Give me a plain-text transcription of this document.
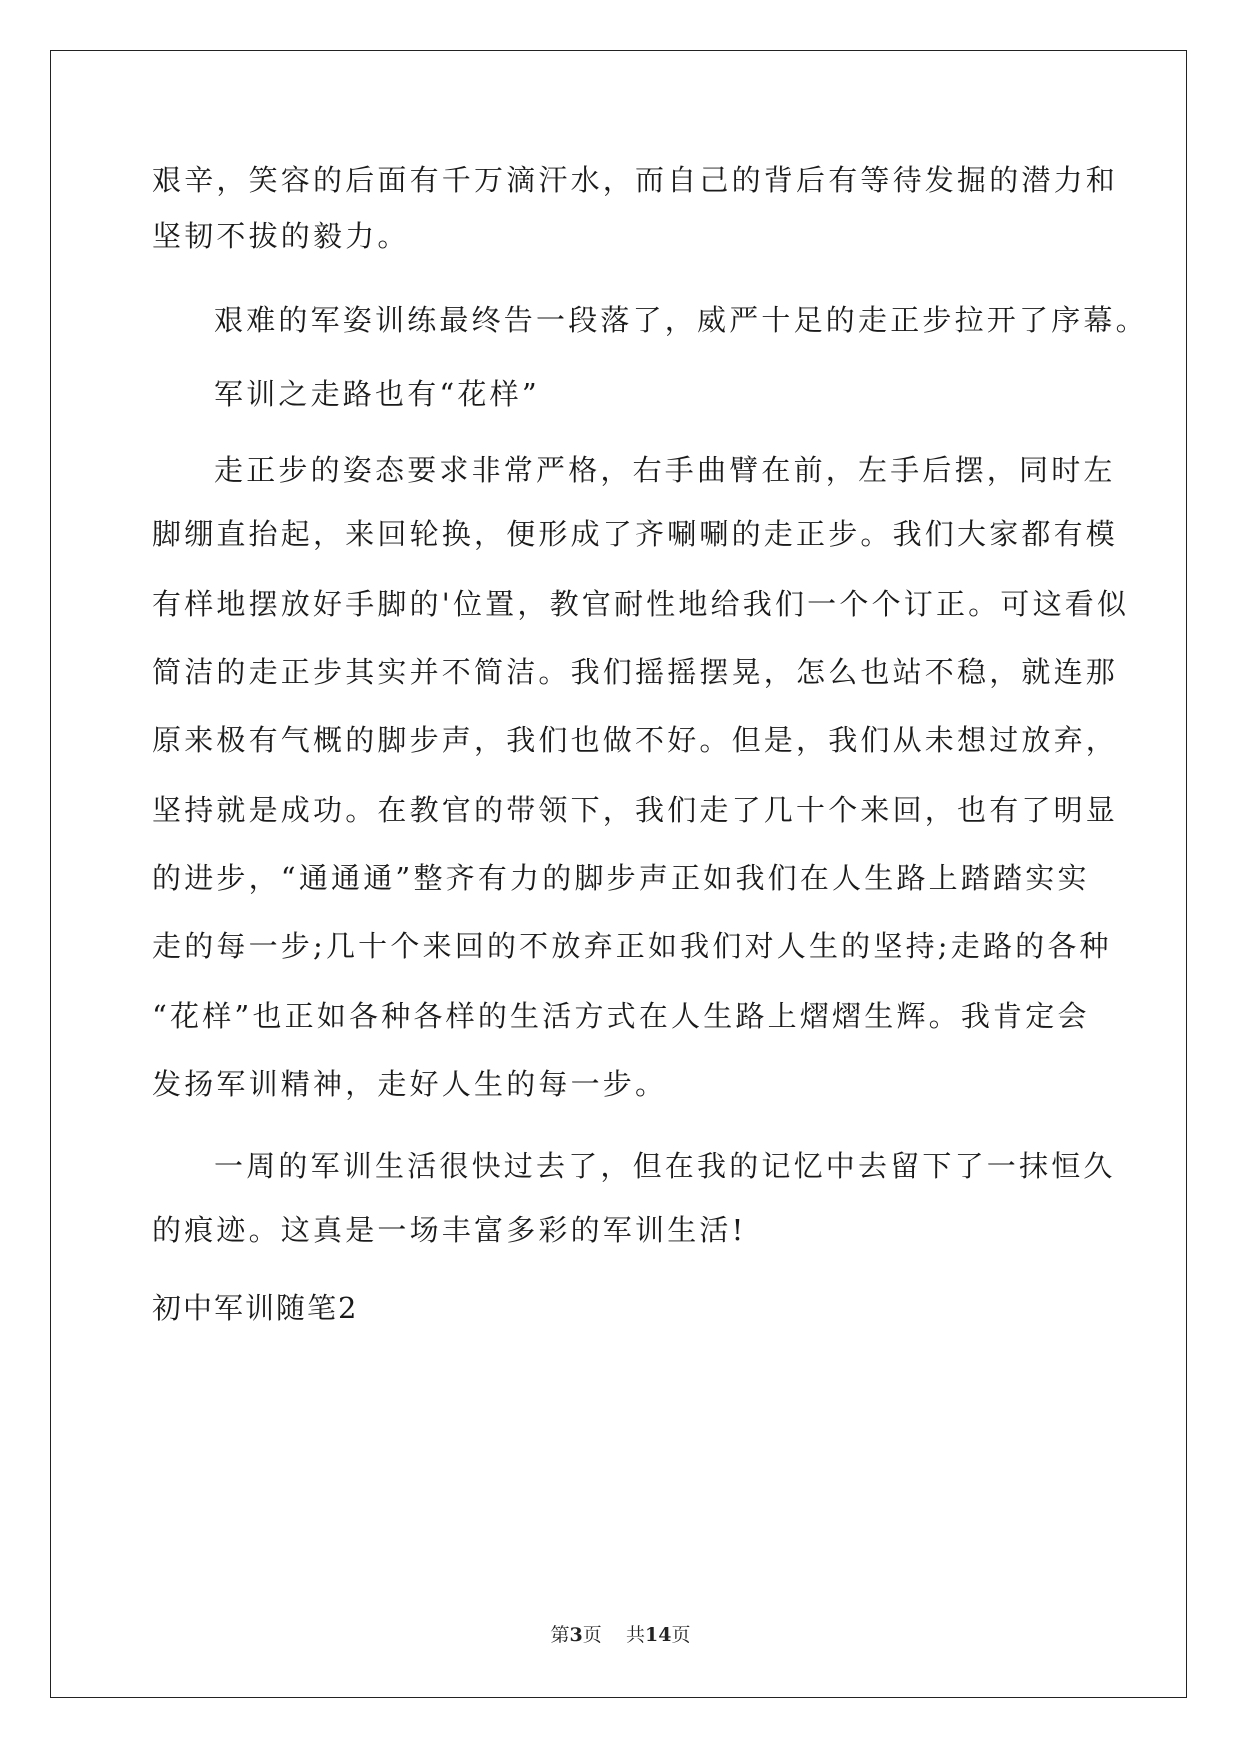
艰辛，笑容的后面有千万滴汗水，而自己的背后有等待发掘的潜力和
坚韧不拔的毅力。
艰难的军姿训练最终告一段落了，威严十足的走正步拉开了序幕。
军训之走路也有“花样”
走正步的姿态要求非常严格，右手曲臂在前，左手后摆，同时左
脚绷直抬起，来回轮换，便形成了齐唰唰的走正步。我们大家都有模
有样地摆放好手脚的'位置，教官耐性地给我们一个个订正。可这看似
简洁的走正步其实并不简洁。我们摇摇摆晃，怎么也站不稳，就连那
原来极有气概的脚步声，我们也做不好。但是，我们从未想过放弃，
坚持就是成功。在教官的带领下，我们走了几十个来回，也有了明显
的进步，“通通通”整齐有力的脚步声正如我们在人生路上踏踏实实
走的每一步;几十个来回的不放弃正如我们对人生的坚持;走路的各种
“花样”也正如各种各样的生活方式在人生路上熠熠生辉。我肯定会
发扬军训精神，走好人生的每一步。
一周的军训生活很快过去了，但在我的记忆中去留下了一抹恒久
的痕迹。这真是一场丰富多彩的军训生活!
初中军训随笔2
第3页 共14页
